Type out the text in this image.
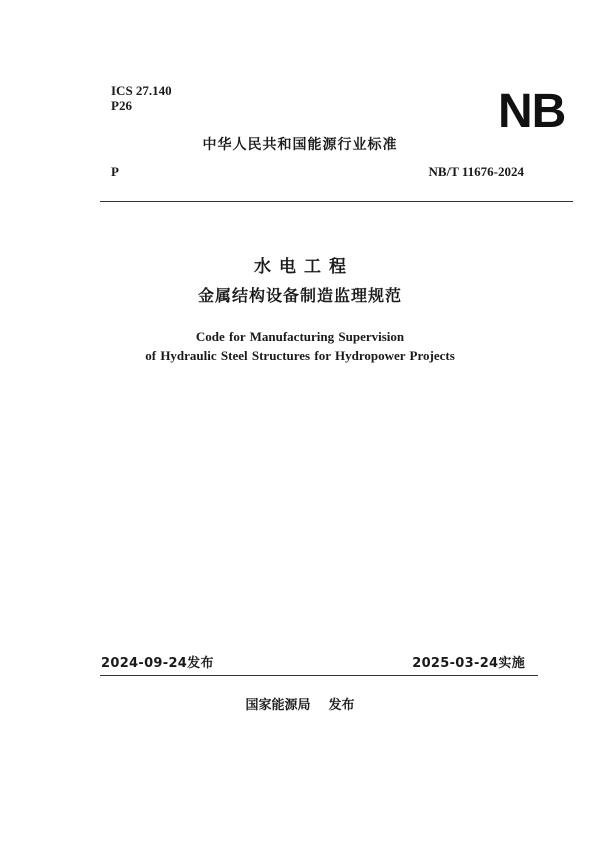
ICS 27.140
P26	NB
中华人民共和国能源行业标准
P	NB/T 11676-2024
水电工程
金属结构设备制造监理规范
Code for Manufacturing Supervision
of Hydraulic Steel Structures for Hydropower Projects
2024-09-24发布	2025-03-24实施
国家能源局 发布
